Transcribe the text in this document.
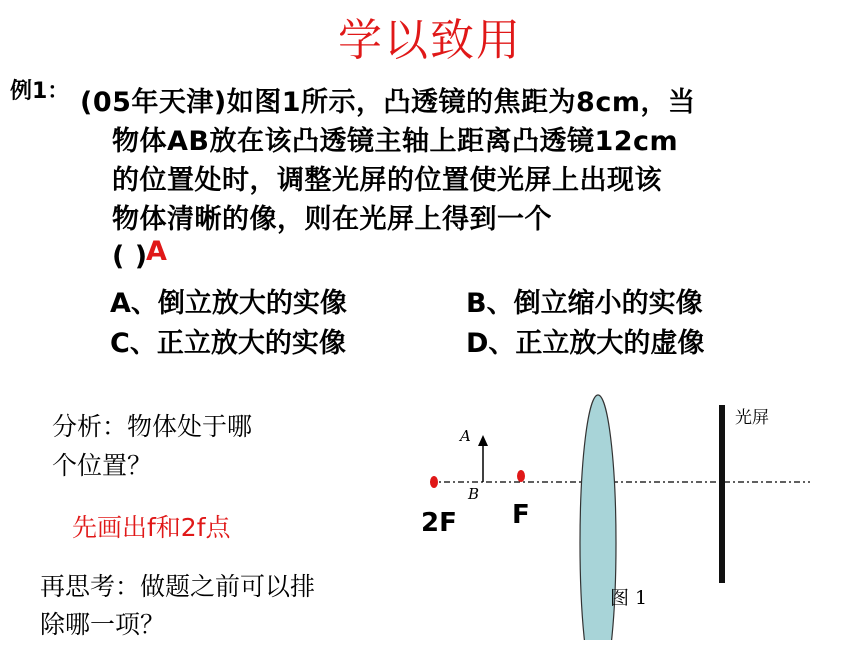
学以致用
例1： (05年天津)如图1所示，凸透镜的焦距为8cm，当
物体AB放在该凸透镜主轴上距离凸透镜12cm
的位置处时，调整光屏的位置使光屏上出现该
物体清晰的像，则在光屏上得到一个
( )
A
A、倒立放大的实像	B、倒立缩小的实像
C、正立放大的实像	D、正立放大的虚像
分析：物体处于哪
个位置？
先画出f和2f点
再思考：做题之前可以排
除哪一项？
A
B
光屏
图 1
2F F
